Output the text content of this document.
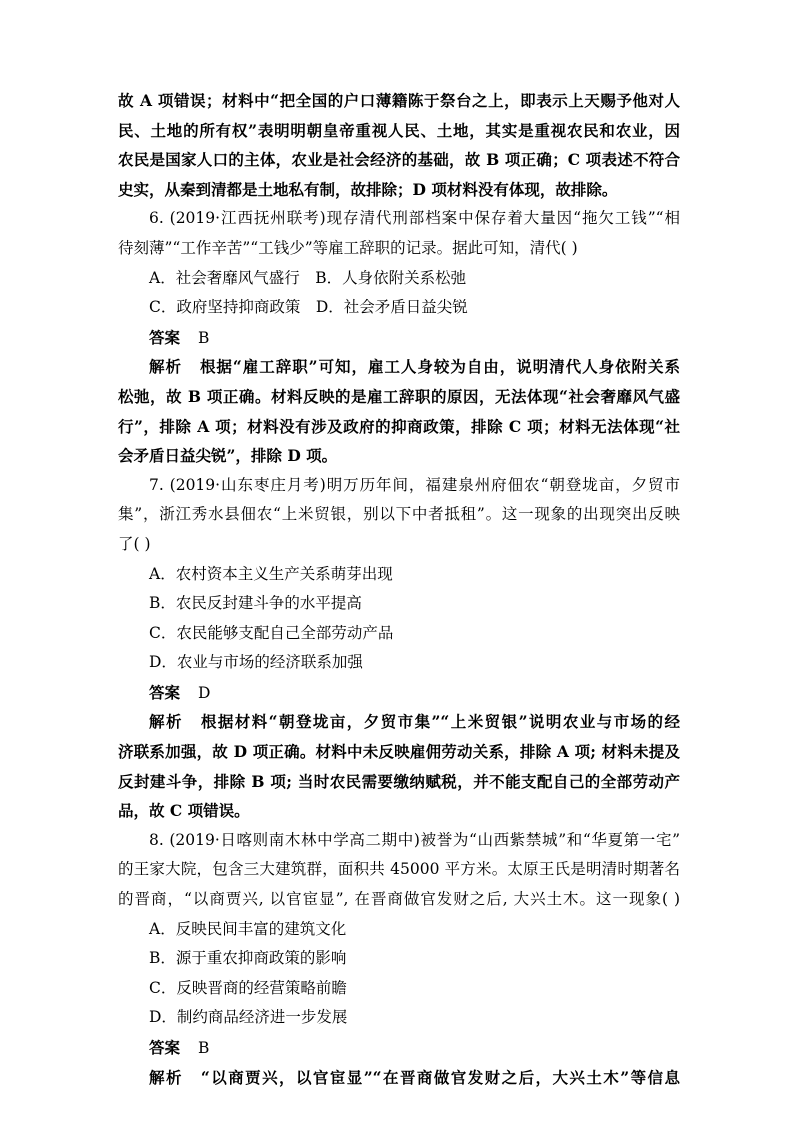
故 A 项错误；材料中“把全国的户口薄籍陈于祭台之上，即表示上天赐予他对人
民、土地的所有权”表明明朝皇帝重视人民、土地，其实是重视农民和农业，因
农民是国家人口的主体，农业是社会经济的基础，故 B 项正确；C 项表述不符合
史实，从秦到清都是土地私有制，故排除；D 项材料没有体现，故排除。
6. (2019·江西抚州联考)现存清代刑部档案中保存着大量因“拖欠工钱”“相
待刻薄”“工作辛苦”“工钱少”等雇工辞职的记录。据此可知，清代( )
A．社会奢靡风气盛行　B．人身依附关系松弛
C．政府坚持抑商政策　D．社会矛盾日益尖锐
答案 B
解析 根据“雇工辞职”可知，雇工人身较为自由，说明清代人身依附关系
松弛，故 B 项正确。材料反映的是雇工辞职的原因，无法体现“社会奢靡风气盛
行”，排除 A 项；材料没有涉及政府的抑商政策，排除 C 项；材料无法体现“社
会矛盾日益尖锐”，排除 D 项。
7. (2019·山东枣庄月考)明万历年间，福建泉州府佃农“朝登垅亩，夕贸市
集”，浙江秀水县佃农“上米贸银，别以下中者抵租”。这一现象的出现突出反映
了( )
A．农村资本主义生产关系萌芽出现
B．农民反封建斗争的水平提高
C．农民能够支配自己全部劳动产品
D．农业与市场的经济联系加强
答案 D
解析 根据材料“朝登垅亩，夕贸市集”“上米贸银”说明农业与市场的经
济联系加强，故 D 项正确。材料中未反映雇佣劳动关系，排除 A 项; 材料未提及
反封建斗争，排除 B 项; 当时农民需要缴纳赋税，并不能支配自己的全部劳动产
品，故 C 项错误。
8. (2019·日喀则南木林中学高二期中)被誉为“山西紫禁城”和“华夏第一宅”
的王家大院，包含三大建筑群，面积共 45000 平方米。太原王氏是明清时期著名
的晋商，“以商贾兴, 以官宦显”, 在晋商做官发财之后, 大兴土木。这一现象( )
A．反映民间丰富的建筑文化
B．源于重农抑商政策的影响
C．反映晋商的经营策略前瞻
D．制约商品经济进一步发展
答案 B
解析 “以商贾兴，以官宦显”“在晋商做官发财之后，大兴土木”等信息
